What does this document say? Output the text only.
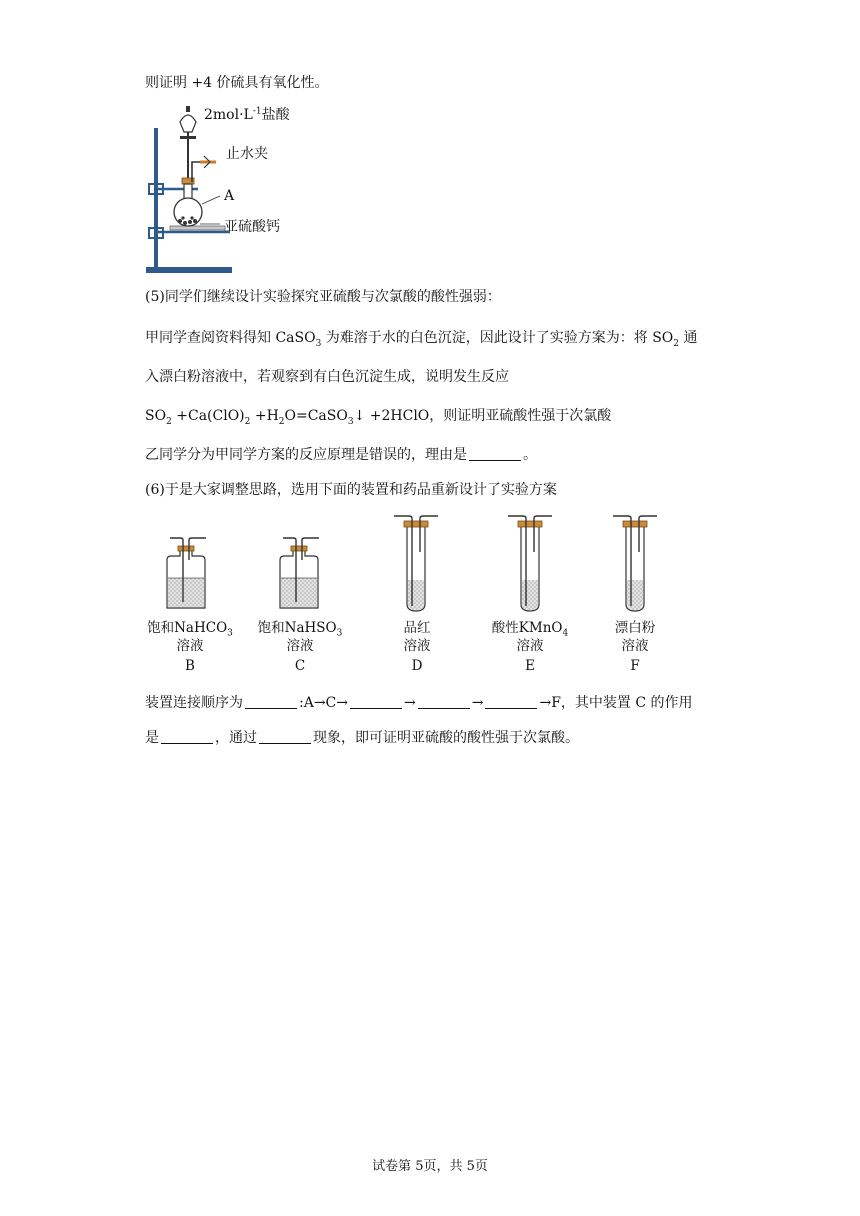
则证明 +4 价硫具有氧化性。
$2mol\cdot L^{-1}$盐酸
止水夹
A
亚硫酸钙
(5)同学们继续设计实验探究亚硫酸与次氯酸的酸性强弱：
甲同学查阅资料得知 CaSO$_3$ 为难溶于水的白色沉淀，因此设计了实验方案为：将 $SO_2$ 通
入漂白粉溶液中，若观察到有白色沉淀生成，说明发生反应
$SO_2 +Ca(ClO)_2$ $+H_2O=CaSO_3↓$ +2HClO，则证明亚硫酸性强于次氯酸
乙同学分为甲同学方案的反应原理是错误的，理由是	。
(6)于是大家调整思路，选用下面的装置和药品重新设计了实验方案
饱和NaHCO$_3$
溶液
B
饱和NaHSO$_3$
溶液
C
品红
溶液
D
酸性KMnO$_4$
溶液
E
漂白粉
溶液
F
装置连接顺序为	:A→C→	→	→	→F，其中装置 C 的作用
是	，通过	现象，即可证明亚硫酸的酸性强于次氯酸。
试卷第 5页，共 5页
